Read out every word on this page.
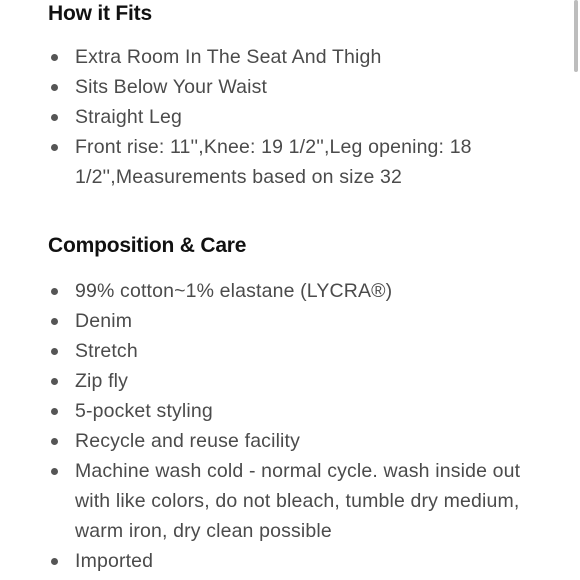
How it Fits
Extra Room In The Seat And Thigh
Sits Below Your Waist
Straight Leg
Front rise: 11'',Knee: 19 1/2'',Leg opening: 18 1/2'',Measurements based on size 32
Composition & Care
99% cotton~1% elastane (LYCRA®)
Denim
Stretch
Zip fly
5-pocket styling
Recycle and reuse facility
Machine wash cold - normal cycle. wash inside out with like colors, do not bleach, tumble dry medium, warm iron, dry clean possible
Imported
